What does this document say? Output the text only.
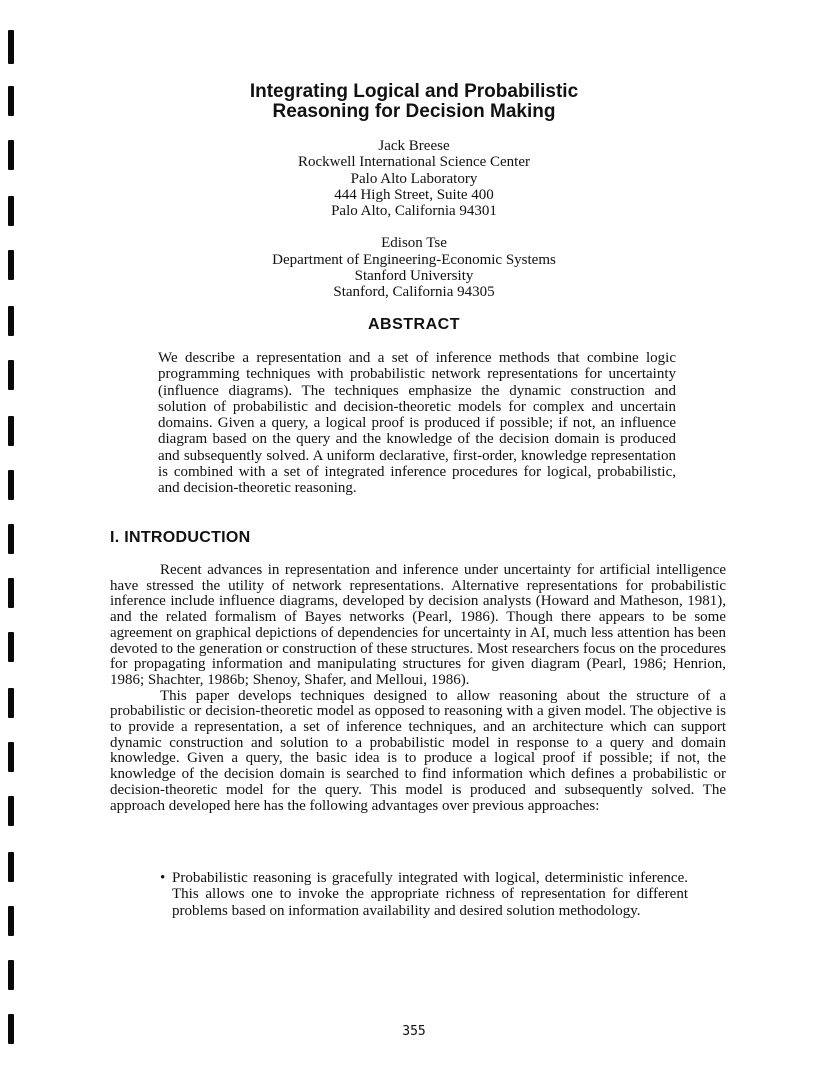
Integrating Logical and Probabilistic
Reasoning for Decision Making
Jack Breese
Rockwell International Science Center
Palo Alto Laboratory
444 High Street, Suite 400
Palo Alto, California 94301
Edison Tse
Department of Engineering-Economic Systems
Stanford University
Stanford, California 94305
ABSTRACT
We describe a representation and a set of inference methods that combine logic programming techniques with probabilistic network representations for uncertainty (influence diagrams). The techniques emphasize the dynamic construction and solution of probabilistic and decision-theoretic models for complex and uncertain domains. Given a query, a logical proof is produced if possible; if not, an influence diagram based on the query and the knowledge of the decision domain is produced and subsequently solved. A uniform declarative, first-order, knowledge representation is combined with a set of integrated inference procedures for logical, probabilistic, and decision-theoretic reasoning.
I. INTRODUCTION

Recent advances in representation and inference under uncertainty for artificial intelligence have stressed the utility of network representations. Alternative representations for probabilistic inference include influence diagrams, developed by decision analysts (Howard and Matheson, 1981), and the related formalism of Bayes networks (Pearl, 1986). Though there appears to be some agreement on graphical depictions of dependencies for uncertainty in AI, much less attention has been devoted to the generation or construction of these structures. Most researchers focus on the procedures for propagating information and manipulating structures for given diagram (Pearl, 1986; Henrion, 1986; Shachter, 1986b; Shenoy, Shafer, and Melloui, 1986).

This paper develops techniques designed to allow reasoning about the structure of a probabilistic or decision-theoretic model as opposed to reasoning with a given model. The objective is to provide a representation, a set of inference techniques, and an architecture which can support dynamic construction and solution to a probabilistic model in response to a query and domain knowledge. Given a query, the basic idea is to produce a logical proof if possible; if not, the knowledge of the decision domain is searched to find information which defines a probabilistic or decision-theoretic model for the query. This model is produced and subsequently solved. The approach developed here has the following advantages over previous approaches:

• Probabilistic reasoning is gracefully integrated with logical, deterministic inference. This allows one to invoke the appropriate richness of representation for different problems based on information availability and desired solution methodology.
355
